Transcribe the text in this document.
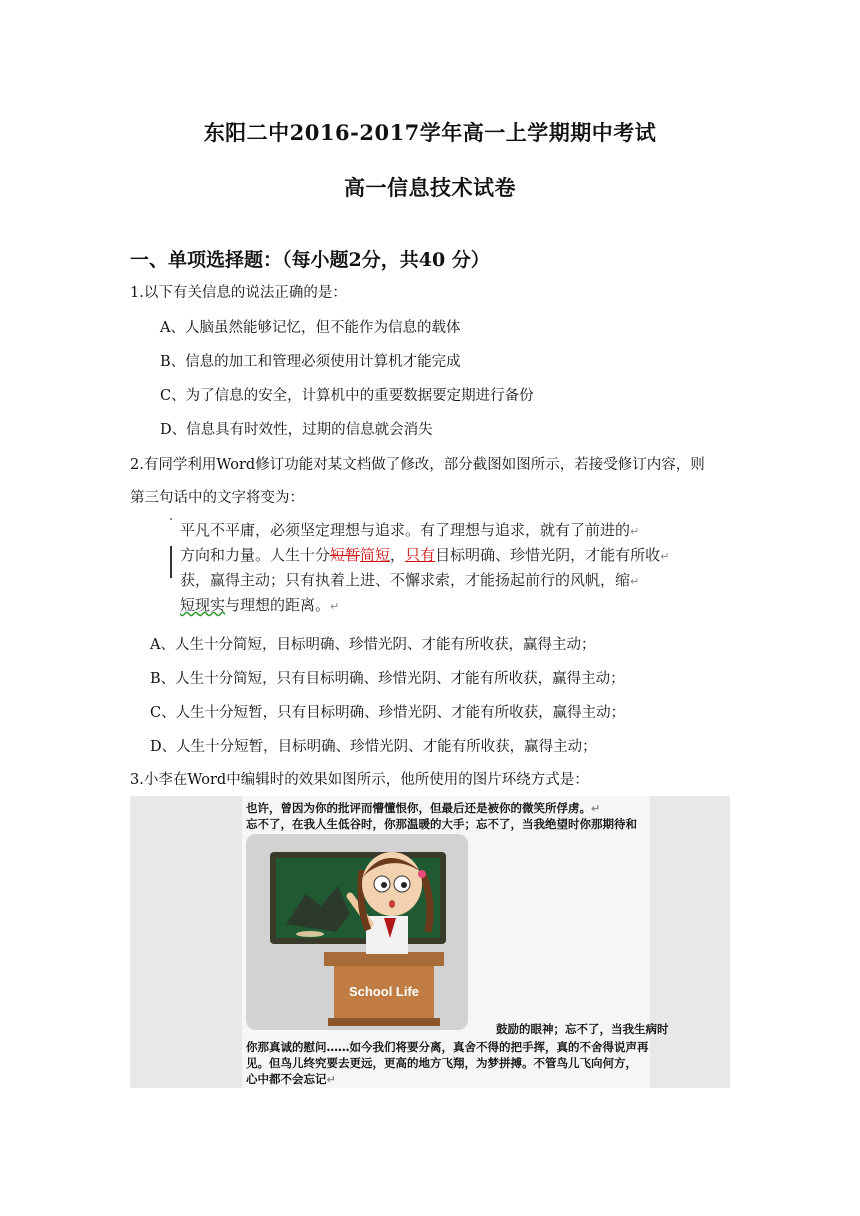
东阳二中2016-2017学年高一上学期期中考试
高一信息技术试卷
一、单项选择题：（每小题2分，共40 分）
1.以下有关信息的说法正确的是：
A、人脑虽然能够记忆，但不能作为信息的载体
B、信息的加工和管理必须使用计算机才能完成
C、为了信息的安全，计算机中的重要数据要定期进行备份
D、信息具有时效性，过期的信息就会消失
2.有同学利用Word修订功能对某文档做了修改，部分截图如图所示，若接受修订内容，则
第三句话中的文字将变为：
平凡不平庸，必须坚定理想与追求。有了理想与追求，就有了前进的↵
方向和力量。人生十分短暂简短，只有目标明确、珍惜光阴，才能有所收↵
获，赢得主动；只有执着上进、不懈求索，才能扬起前行的风帆，缩↵
短现实与理想的距离。↵
A、人生十分简短，目标明确、珍惜光阴、才能有所收获，赢得主动；
B、人生十分简短，只有目标明确、珍惜光阴、才能有所收获，赢得主动；
C、人生十分短暂，只有目标明确、珍惜光阴、才能有所收获，赢得主动；
D、人生十分短暂，目标明确、珍惜光阴、才能有所收获，赢得主动；
3.小李在Word中编辑时的效果如图所示，他所使用的图片环绕方式是：
也许，曾因为你的批评而懵懂恨你，但最后还是被你的微笑所俘虏。↵
忘不了，在我人生低谷时，你那温暖的大手；忘不了，当我绝望时你那期待和
School Life
鼓励的眼神；忘不了，当我生病时
你那真诚的慰问……如今我们将要分离，真舍不得的把手挥，真的不舍得说声再
见。但鸟儿终究要去更远，更高的地方飞翔，为梦拼搏。不管鸟儿飞向何方，
心中都不会忘记↵
